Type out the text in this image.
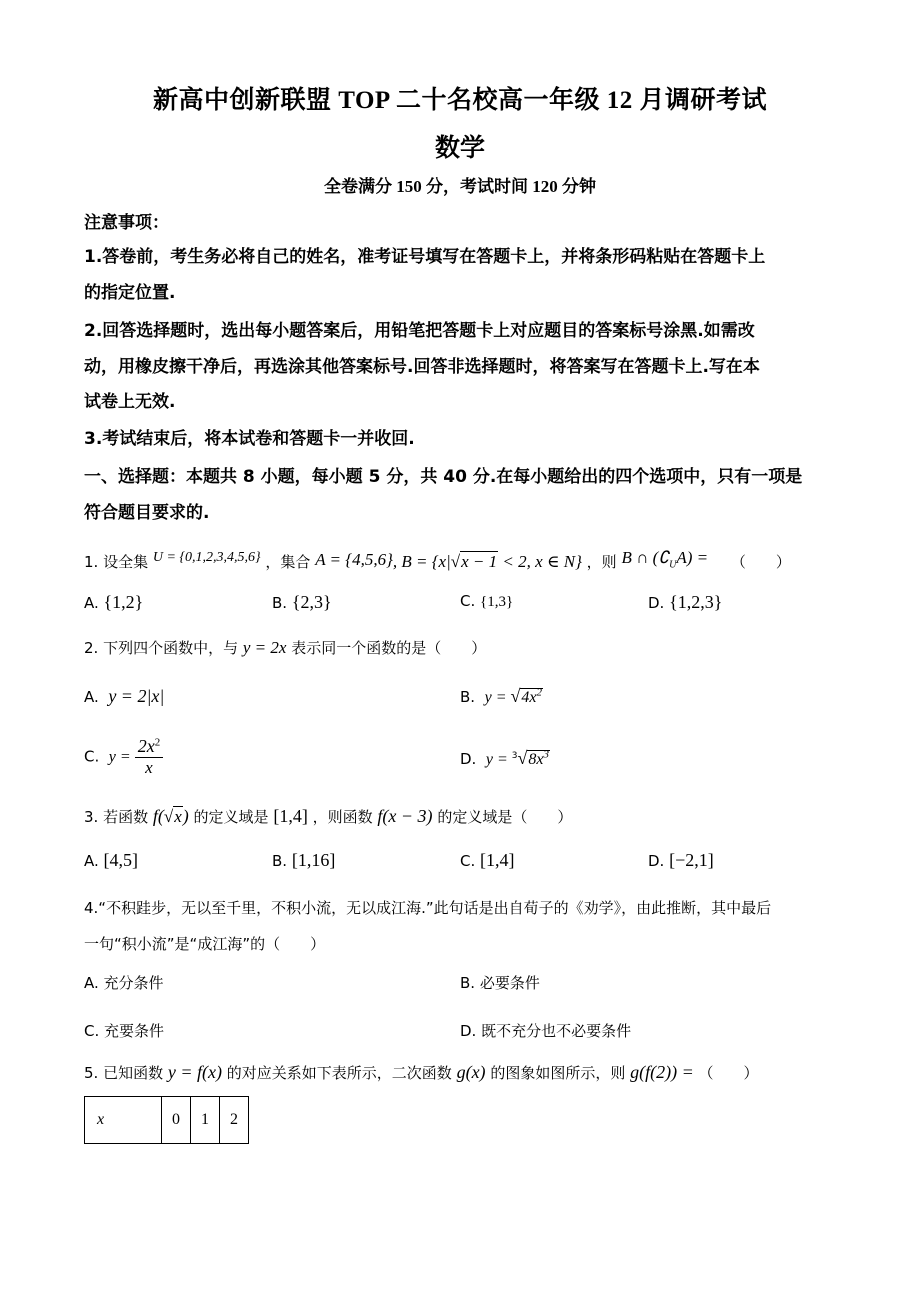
新高中创新联盟 TOP 二十名校高一年级 12 月调研考试
数学
全卷满分 150 分，考试时间 120 分钟
注意事项：
1.答卷前，考生务必将自己的姓名，准考证号填写在答题卡上，并将条形码粘贴在答题卡上
的指定位置.
2.回答选择题时，选出每小题答案后，用铅笔把答题卡上对应题目的答案标号涂黑.如需改
动，用橡皮擦干净后，再选涂其他答案标号.回答非选择题时，将答案写在答题卡上.写在本
试卷上无效.
3.考试结束后，将本试卷和答题卡一并收回.
一、选择题：本题共 8 小题，每小题 5 分，共 40 分.在每小题给出的四个选项中，只有一项是
符合题目要求的.
1. 设全集 U = {0,1,2,3,4,5,6} ，集合 A = {4,5,6}, B = {x|√x − 1 < 2, x ∈ N} ，则 B ∩ $(∁_UA)$ = （　　）
A. {1,2}	B. {2,3}	C. {1,3}	D. {1,2,3}
2. 下列四个函数中，与 y = 2x 表示同一个函数的是（　　）
A. y = 2|x|	B. $y = √4x^2$
C. $y = \frac{2x^2}{x}$	D. $y = ^3√8x^3$
3. 若函数 f(√x) 的定义域是 [1,4] ，则函数 f(x − 3) 的定义域是（　　）
A. [4,5]	B. [1,16]	C. [1,4]	D. [−2,1]
4.“不积跬步，无以至千里，不积小流，无以成江海.”此句话是出自荀子的《劝学》，由此推断，其中最后
一句“积小流”是“成江海”的（　　）
A. 充分条件	B. 必要条件
C. 充要条件	D. 既不充分也不必要条件
5. 已知函数 y = f(x) 的对应关系如下表所示，二次函数 g(x) 的图象如图所示，则 g(f(2)) = （　　）
x	0	1	2
